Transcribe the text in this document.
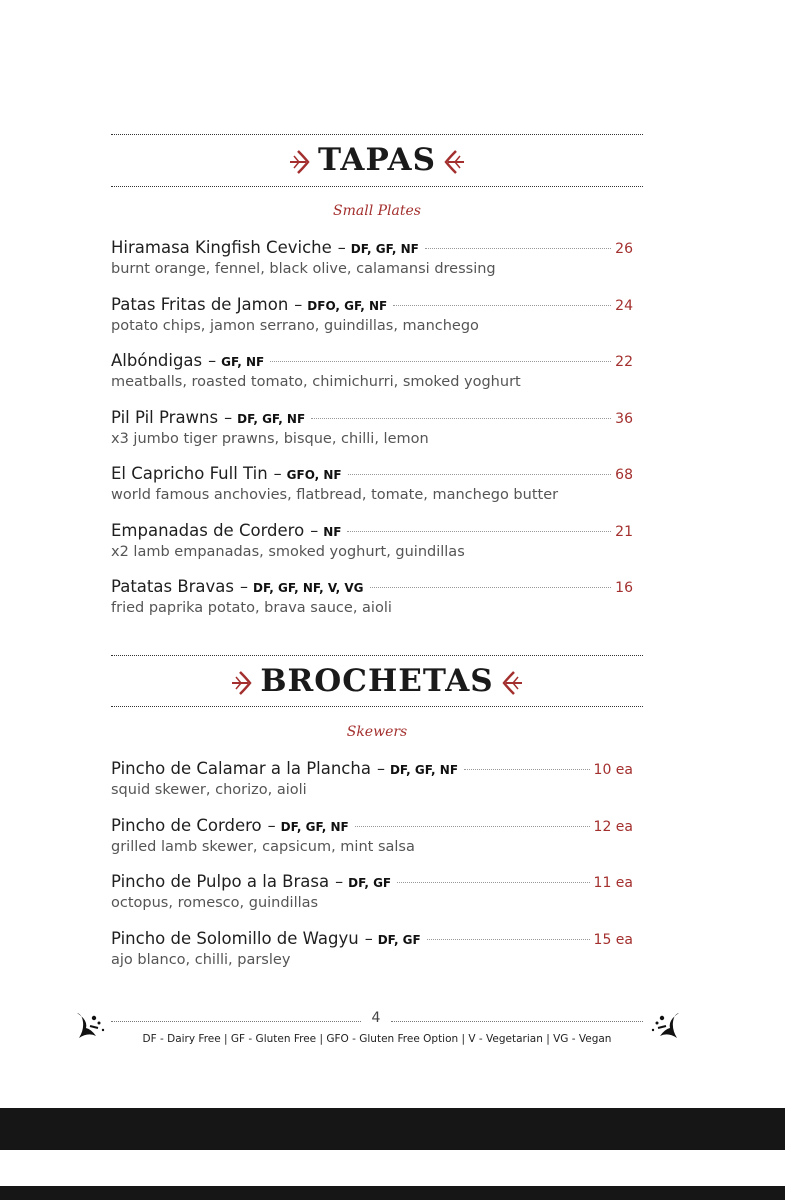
TAPAS
Small Plates
Hiramasa Kingfish Ceviche – DF, GF, NF	26
burnt orange, fennel, black olive, calamansi dressing
Patas Fritas de Jamon – DFO, GF, NF	24
potato chips, jamon serrano, guindillas, manchego
Albóndigas – GF, NF	22
meatballs, roasted tomato, chimichurri, smoked yoghurt
Pil Pil Prawns – DF, GF, NF	36
x3 jumbo tiger prawns, bisque, chilli, lemon
El Capricho Full Tin – GFO, NF	68
world famous anchovies, flatbread, tomate, manchego butter
Empanadas de Cordero – NF	21
x2 lamb empanadas, smoked yoghurt, guindillas
Patatas Bravas – DF, GF, NF, V, VG	16
fried paprika potato, brava sauce, aioli
BROCHETAS
Skewers
Pincho de Calamar a la Plancha – DF, GF, NF	10 ea
squid skewer, chorizo, aioli
Pincho de Cordero – DF, GF, NF	12 ea
grilled lamb skewer, capsicum, mint salsa
Pincho de Pulpo a la Brasa – DF, GF	11 ea
octopus, romesco, guindillas
Pincho de Solomillo de Wagyu – DF, GF	15 ea
ajo blanco, chilli, parsley
4
DF - Dairy Free | GF - Gluten Free | GFO - Gluten Free Option | V - Vegetarian | VG - Vegan
